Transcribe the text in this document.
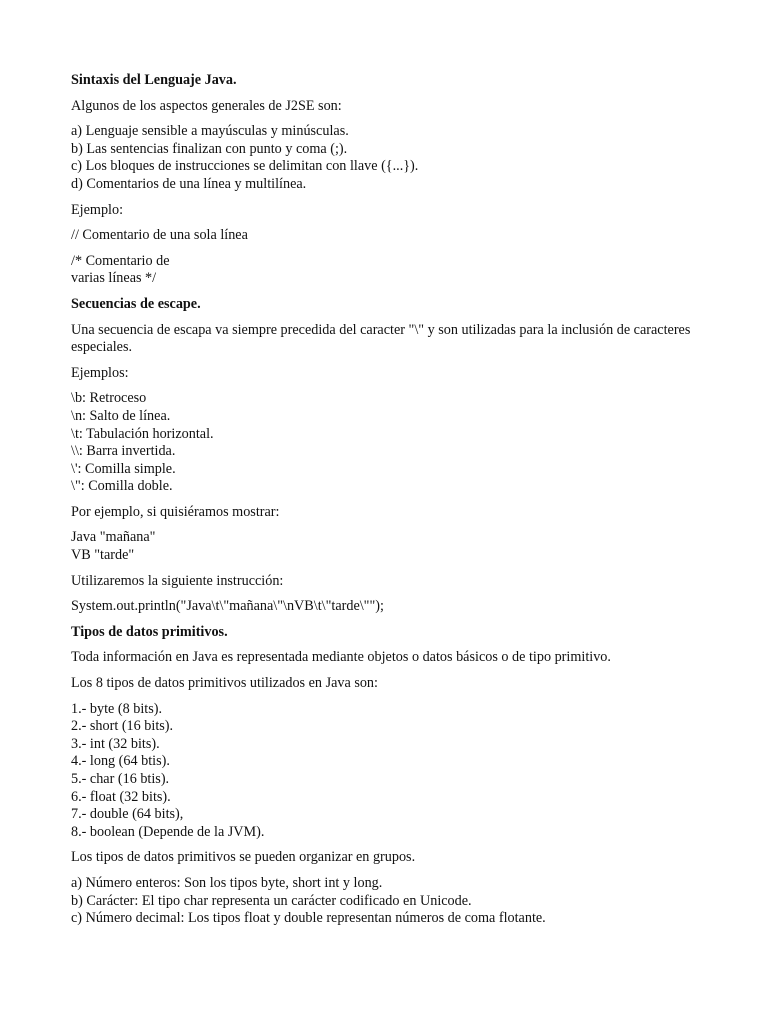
Sintaxis del Lenguaje Java.

Algunos de los aspectos generales de J2SE son:

a) Lenguaje sensible a mayúsculas y minúsculas.
b) Las sentencias finalizan con punto y coma (;).
c) Los bloques de instrucciones se delimitan con llave ({...}).
d) Comentarios de una línea y multilínea.

Ejemplo:

// Comentario de una sola línea

/* Comentario de
varias líneas */

Secuencias de escape.

Una secuencia de escapa va siempre precedida del caracter "\" y son utilizadas para la inclusión de caracteres especiales.

Ejemplos:

\b: Retroceso
\n: Salto de línea.
\t: Tabulación horizontal.
\\: Barra invertida.
\': Comilla simple.
\": Comilla doble.

Por ejemplo, si quisiéramos mostrar:

Java "mañana"
VB "tarde"

Utilizaremos la siguiente instrucción:

System.out.println("Java\t\"mañana\"\nVB\t\"tarde\"");

Tipos de datos primitivos.

Toda información en Java es representada mediante objetos o datos básicos o de tipo primitivo.

Los 8 tipos de datos primitivos utilizados en Java son:

1.- byte (8 bits).
2.- short (16 bits).
3.- int (32 bits).
4.- long (64 btis).
5.- char (16 btis).
6.- float (32 bits).
7.- double (64 bits),
8.- boolean (Depende de la JVM).

Los tipos de datos primitivos se pueden organizar en grupos.

a) Número enteros: Son los tipos byte, short int y long.
b) Carácter: El tipo char representa un carácter codificado en Unicode.
c) Número decimal: Los tipos float y double representan números de coma flotante.
